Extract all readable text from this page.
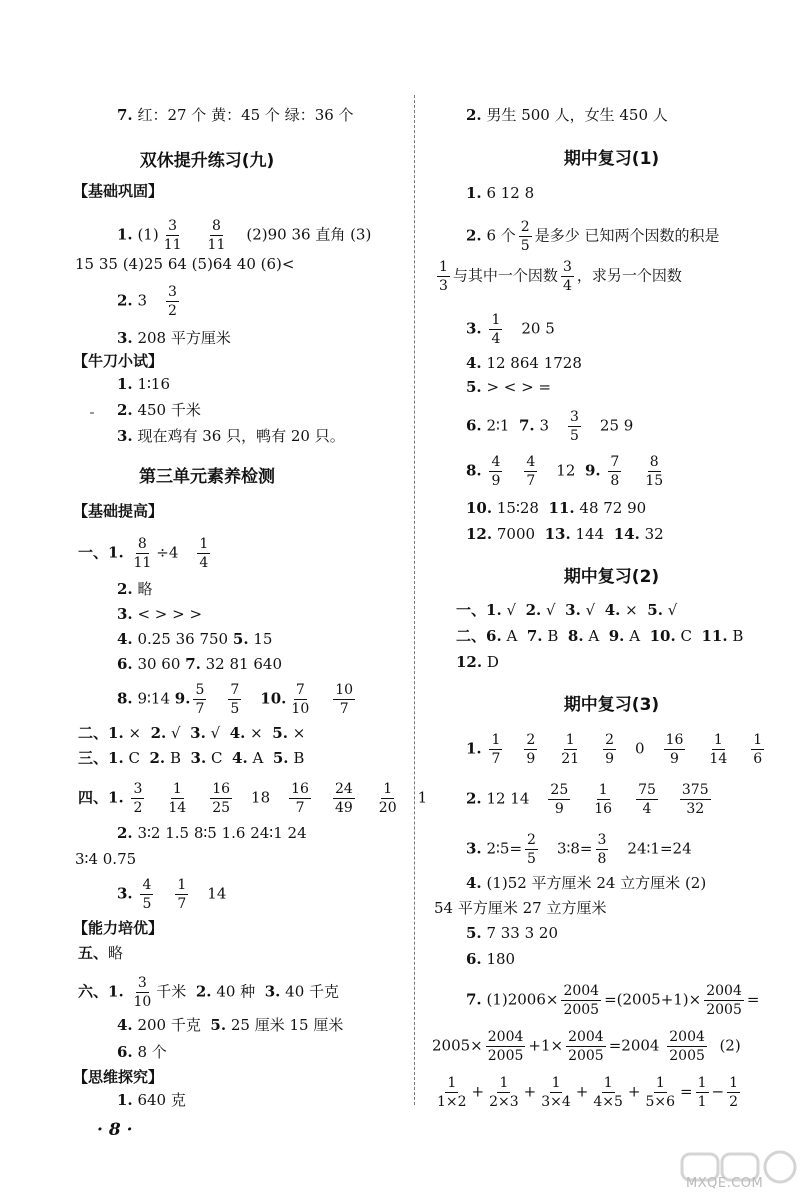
7. 红：27 个 黄：45 个 绿：36 个
双休提升练习(九)
【基础巩固】
1. $(1) \frac{3}{11} \frac{8}{11} (2)90$ 36 直角 (3)
15 35 (4)25 64 (5)64 40 (6)<
2. $3 \frac{3}{2}$
3. 208 平方厘米
【牛刀小试】
1. 1∶16
2. 450 千米
3. 现在鸡有 36 只，鸭有 20 只。
第三单元素养检测
【基础提高】
一、1. $\frac{8}{11} \div 4 \frac{1}{4}$
2. 略
3. < > > >
4. 0.25 36 750 5. 15
6. 30 60 7. 32 81 640
8. 9∶14 9. $\frac{5}{7} \frac{7}{5} 10$. $\frac{7}{10} \frac{10}{7}$
二、1. × 2. √ 3. √ 4. × 5. ×
三、1. C 2. B 3. C 4. A 5. B
四、1. $\frac{3}{2} \frac{1}{14} \frac{16}{25} 18 \frac{16}{7} \frac{24}{49} \frac{1}{20} 1$
2. 3∶2 1.5 8∶5 1.6 24∶1 24
3∶4 0.75
3. $\frac{4}{5} \frac{1}{7} 14$
【能力培优】
五、略
六、1. $\frac{3}{10}$ 千米 2. 40 种 3. 40 千克
4. 200 千克 5. 25 厘米 15 厘米
6. 8 个
【思维探究】
1. 640 克
2. 男生 500 人，女生 450 人
期中复习(1)
1. 6 12 8
2. 6 个 $\frac{2}{5}$ 是多少 已知两个因数的积是
$\frac{1}{3}$ 与其中一个因数 $\frac{3}{4}$ ，求另一个因数
3. $\frac{1}{4} 20$ 5
4. 12 864 1728
5. > < > =
6. 2∶1 7. $3 \frac{3}{5} 25$ 9
8. $\frac{4}{9} \frac{4}{7} 12$ 9. $\frac{7}{8} \frac{8}{15}$
10. 15∶28 11. 48 72 90
12. 7000 13. 144 14. 32
期中复习(2)
一、1. √ 2. √ 3. √ 4. × 5. √
二、6. A 7. B 8. A 9. A 10. C 11. B
12. D
期中复习(3)
1. $\frac{1}{7} \frac{2}{9} \frac{1}{21} \frac{2}{9} 0 \frac{16}{9} \frac{1}{14} \frac{1}{6}$
2. 12 $14 \frac{25}{9} \frac{1}{16} \frac{75}{4} \frac{375}{32}$
3. 2∶5= $\frac{2}{5}$ 3∶8= $\frac{3}{8}$ 24∶1=24
4. (1)52 平方厘米 24 立方厘米 (2)
54 平方厘米 27 立方厘米
5. 7 33 3 20
6. 180
7. $(1)2006\times \frac{2004}{2005} =(2005+1)\times \frac{2004}{2005}$ =
$2005\times \frac{2004}{2005} +1\times \frac{2004}{2005} =2004 \frac{2004}{2005} (2)$
$\frac{1}{1\times 2} + \frac{1}{2\times 3} + \frac{1}{3\times 4} + \frac{1}{4\times 5} + \frac{1}{5\times 6} = \frac{1}{1} - \frac{1}{2}$
· 8 ·
MXQE.COM
